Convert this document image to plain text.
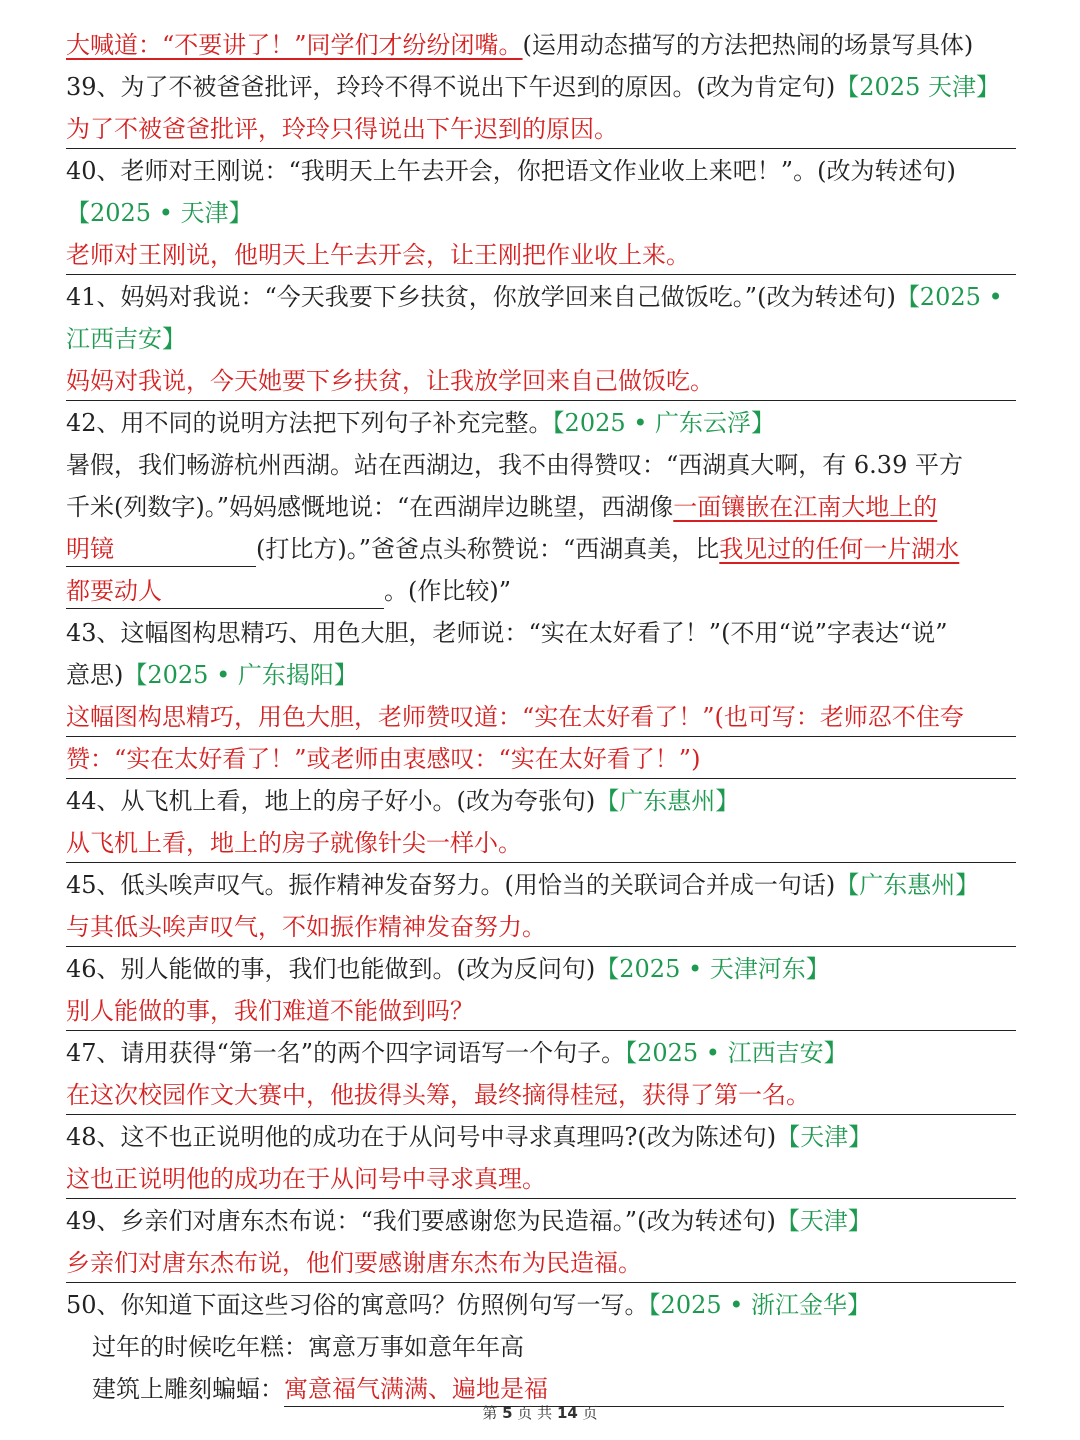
大喊道：“不要讲了！”同学们才纷纷闭嘴。(运用动态描写的方法把热闹的场景写具体)
39、为了不被爸爸批评，玲玲不得不说出下午迟到的原因。(改为肯定句)【2025 天津】
为了不被爸爸批评，玲玲只得说出下午迟到的原因。
40、老师对王刚说：“我明天上午去开会，你把语文作业收上来吧！”。(改为转述句)
【2025 • 天津】
老师对王刚说，他明天上午去开会，让王刚把作业收上来。
41、妈妈对我说：“今天我要下乡扶贫，你放学回来自己做饭吃。”(改为转述句)【2025 •
江西吉安】
妈妈对我说，今天她要下乡扶贫，让我放学回来自己做饭吃。
42、用不同的说明方法把下列句子补充完整。【2025 • 广东云浮】
暑假，我们畅游杭州西湖。站在西湖边，我不由得赞叹：“西湖真大啊，有 6.39 平方
千米(列数字)。”妈妈感慨地说：“在西湖岸边眺望，西湖像一面镶嵌在江南大地上的
明镜	(打比方)。”爸爸点头称赞说：“西湖真美，比我见过的任何一片湖水
都要动人	。(作比较)”
43、这幅图构思精巧、用色大胆，老师说：“实在太好看了！”(不用“说”字表达“说”
意思)【2025 • 广东揭阳】
这幅图构思精巧，用色大胆，老师赞叹道：“实在太好看了！”(也可写：老师忍不住夸
赞：“实在太好看了！”或老师由衷感叹：“实在太好看了！”)
44、从飞机上看，地上的房子好小。(改为夸张句)【广东惠州】
从飞机上看，地上的房子就像针尖一样小。
45、低头唉声叹气。振作精神发奋努力。(用恰当的关联词合并成一句话)【广东惠州】
与其低头唉声叹气，不如振作精神发奋努力。
46、别人能做的事，我们也能做到。(改为反问句)【2025 • 天津河东】
别人能做的事，我们难道不能做到吗？
47、请用获得“第一名”的两个四字词语写一个句子。【2025 • 江西吉安】
在这次校园作文大赛中，他拔得头筹，最终摘得桂冠，获得了第一名。
48、这不也正说明他的成功在于从问号中寻求真理吗?(改为陈述句)【天津】
这也正说明他的成功在于从问号中寻求真理。
49、乡亲们对唐东杰布说：“我们要感谢您为民造福。”(改为转述句)【天津】
乡亲们对唐东杰布说，他们要感谢唐东杰布为民造福。
50、你知道下面这些习俗的寓意吗？仿照例句写一写。【2025 • 浙江金华】
过年的时候吃年糕：寓意万事如意年年高
建筑上雕刻蝙蝠：寓意福气满满、遍地是福
第 5 页 共 14 页
